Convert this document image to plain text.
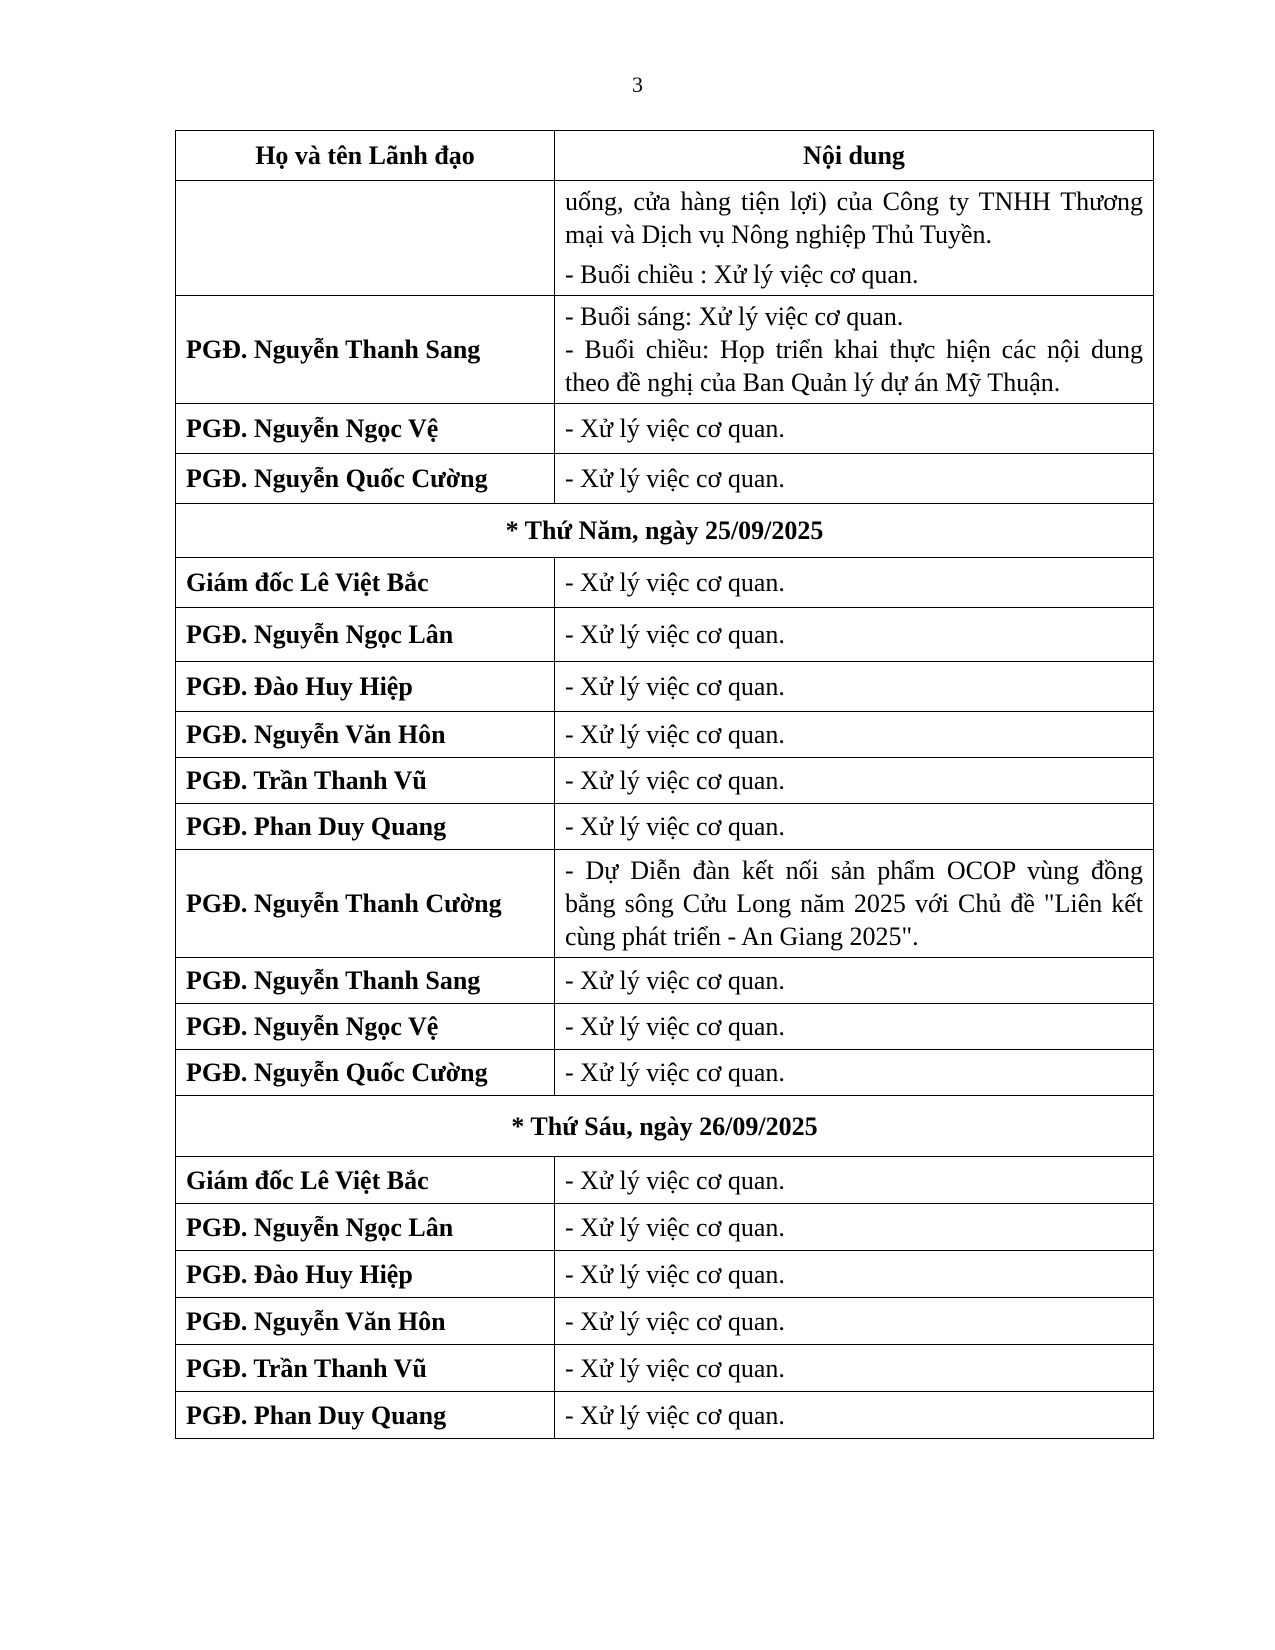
3
Họ và tên Lãnh đạo	Nội dung

	uống, cửa hàng tiện lợi) của Công ty TNHH Thương mại và Dịch vụ Nông nghiệp Thủ Tuyền.

- Buổi chiều : Xử lý việc cơ quan.

PGĐ. Nguyễn Thanh Sang	- Buổi sáng: Xử lý việc cơ quan.

- Buổi chiều: Họp triển khai thực hiện các nội dung theo đề nghị của Ban Quản lý dự án Mỹ Thuận.

PGĐ. Nguyễn Ngọc Vệ	- Xử lý việc cơ quan.
PGĐ. Nguyễn Quốc Cường	- Xử lý việc cơ quan.
* Thứ Năm, ngày 25/09/2025	
Giám đốc Lê Việt Bắc	- Xử lý việc cơ quan.
PGĐ. Nguyễn Ngọc Lân	- Xử lý việc cơ quan.
PGĐ. Đào Huy Hiệp	- Xử lý việc cơ quan.
PGĐ. Nguyễn Văn Hôn	- Xử lý việc cơ quan.
PGĐ. Trần Thanh Vũ	- Xử lý việc cơ quan.
PGĐ. Phan Duy Quang	- Xử lý việc cơ quan.
PGĐ. Nguyễn Thanh Cường	- Dự Diễn đàn kết nối sản phẩm OCOP vùng đồng bằng sông Cửu Long năm 2025 với Chủ đề "Liên kết cùng phát triển - An Giang 2025".
PGĐ. Nguyễn Thanh Sang	- Xử lý việc cơ quan.
PGĐ. Nguyễn Ngọc Vệ	- Xử lý việc cơ quan.
PGĐ. Nguyễn Quốc Cường	- Xử lý việc cơ quan.
* Thứ Sáu, ngày 26/09/2025	
Giám đốc Lê Việt Bắc	- Xử lý việc cơ quan.
PGĐ. Nguyễn Ngọc Lân	- Xử lý việc cơ quan.
PGĐ. Đào Huy Hiệp	- Xử lý việc cơ quan.
PGĐ. Nguyễn Văn Hôn	- Xử lý việc cơ quan.
PGĐ. Trần Thanh Vũ	- Xử lý việc cơ quan.
PGĐ. Phan Duy Quang	- Xử lý việc cơ quan.
